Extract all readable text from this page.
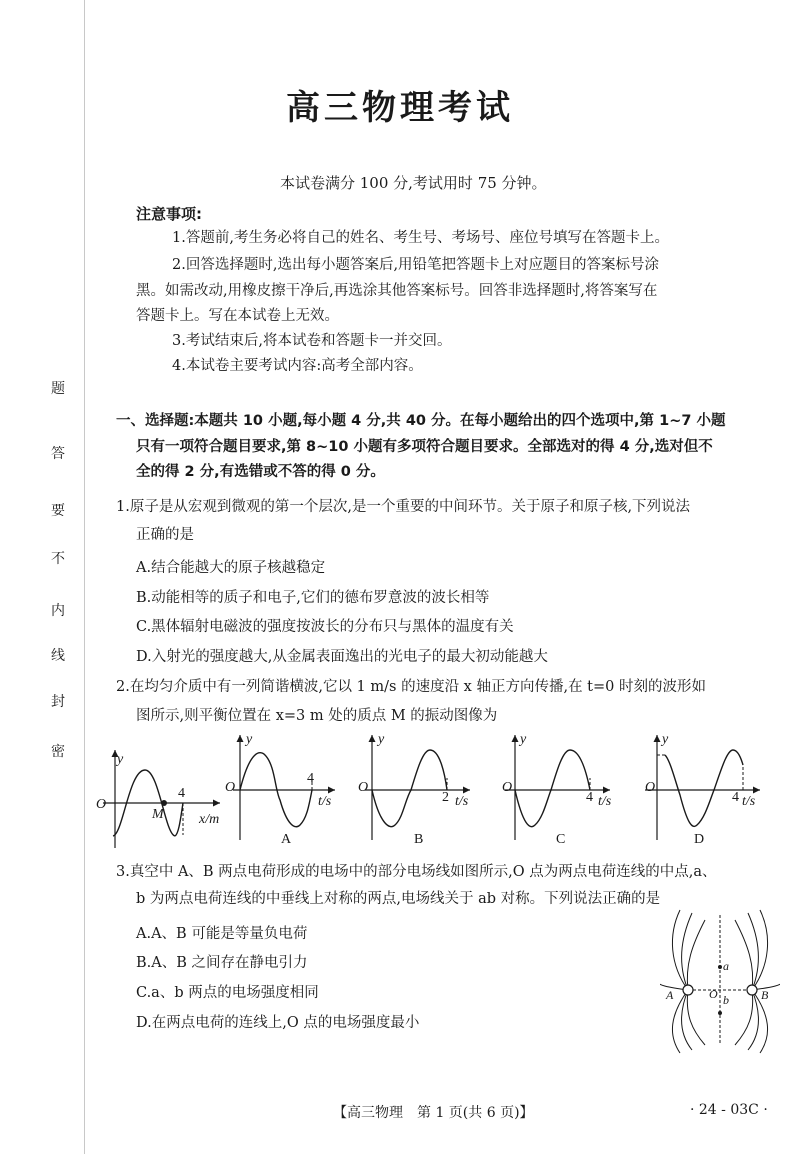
题
答
要
不
内
线
封
密
高三物理考试
本试卷满分 100 分,考试用时 75 分钟。
注意事项:
1.答题前,考生务必将自己的姓名、考生号、考场号、座位号填写在答题卡上。
2.回答选择题时,选出每小题答案后,用铅笔把答题卡上对应题目的答案标号涂
黑。如需改动,用橡皮擦干净后,再选涂其他答案标号。回答非选择题时,将答案写在
答题卡上。写在本试卷上无效。
3.考试结束后,将本试卷和答题卡一并交回。
4.本试卷主要考试内容:高考全部内容。
一、选择题:本题共 10 小题,每小题 4 分,共 40 分。在每小题给出的四个选项中,第 1~7 小题
只有一项符合题目要求,第 8~10 小题有多项符合题目要求。全部选对的得 4 分,选对但不
全的得 2 分,有选错或不答的得 0 分。
1.原子是从宏观到微观的第一个层次,是一个重要的中间环节。关于原子和原子核,下列说法
正确的是
A.结合能越大的原子核越稳定
B.动能相等的质子和电子,它们的德布罗意波的波长相等
C.黑体辐射电磁波的强度按波长的分布只与黑体的温度有关
D.入射光的强度越大,从金属表面逸出的光电子的最大初动能越大
2.在均匀介质中有一列简谐横波,它以 1 m/s 的速度沿 x 轴正方向传播,在 t=0 时刻的波形如
图所示,则平衡位置在 x=3 m 处的质点 M 的振动图像为
y
O
M
4
x/m
y
O
4
t/s
A
y
O
2 t/s
B
y
O
4 t/s
C
y
O
4 t/s
D
3.真空中 A、B 两点电荷形成的电场中的部分电场线如图所示,O 点为两点电荷连线的中点,a、
b 为两点电荷连线的中垂线上对称的两点,电场线关于 ab 对称。下列说法正确的是
A.A、B 可能是等量负电荷
B.A、B 之间存在静电引力
C.a、b 两点的电场强度相同
D.在两点电荷的连线上,O 点的电场强度最小
A	B
O
a
b
【高三物理　第 1 页(共 6 页)】	· 24 - 03C ·
